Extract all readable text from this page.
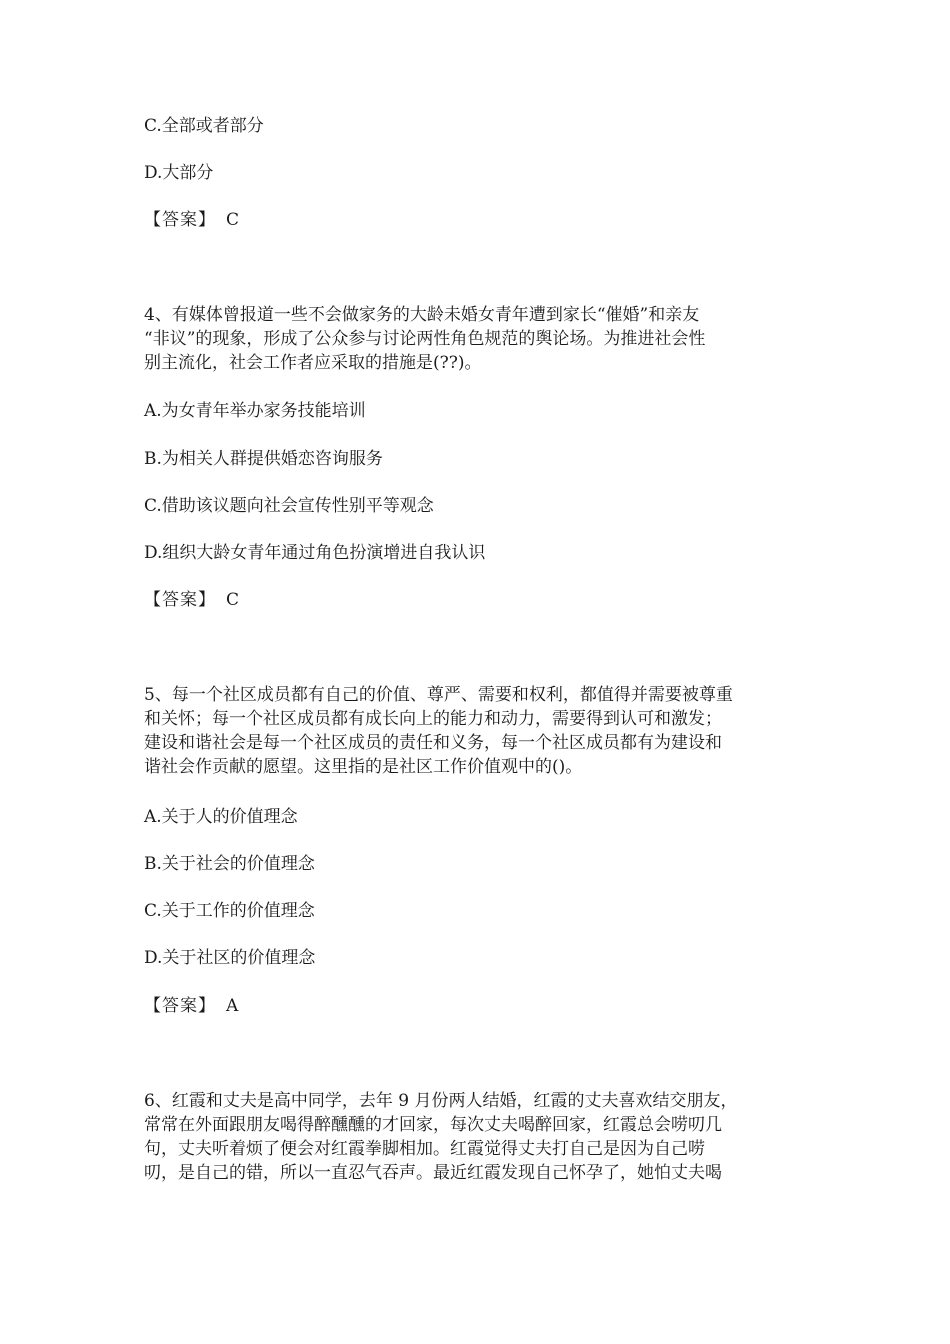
C.全部或者部分
D.大部分
【答案】 C
4、有媒体曾报道一些不会做家务的大龄未婚女青年遭到家长“催婚”和亲友
“非议”的现象，形成了公众参与讨论两性角色规范的舆论场。为推进社会性
别主流化，社会工作者应采取的措施是(??)。
A.为女青年举办家务技能培训
B.为相关人群提供婚恋咨询服务
C.借助该议题向社会宣传性别平等观念
D.组织大龄女青年通过角色扮演增进自我认识
【答案】 C
5、每一个社区成员都有自己的价值、尊严、需要和权利，都值得并需要被尊重
和关怀；每一个社区成员都有成长向上的能力和动力，需要得到认可和激发；
建设和谐社会是每一个社区成员的责任和义务，每一个社区成员都有为建设和
谐社会作贡献的愿望。这里指的是社区工作价值观中的()。
A.关于人的价值理念
B.关于社会的价值理念
C.关于工作的价值理念
D.关于社区的价值理念
【答案】 A
6、红霞和丈夫是高中同学，去年 9 月份两人结婚，红霞的丈夫喜欢结交朋友，
常常在外面跟朋友喝得醉醺醺的才回家，每次丈夫喝醉回家，红霞总会唠叨几
句，丈夫听着烦了便会对红霞拳脚相加。红霞觉得丈夫打自己是因为自己唠
叨，是自己的错，所以一直忍气吞声。最近红霞发现自己怀孕了，她怕丈夫喝
